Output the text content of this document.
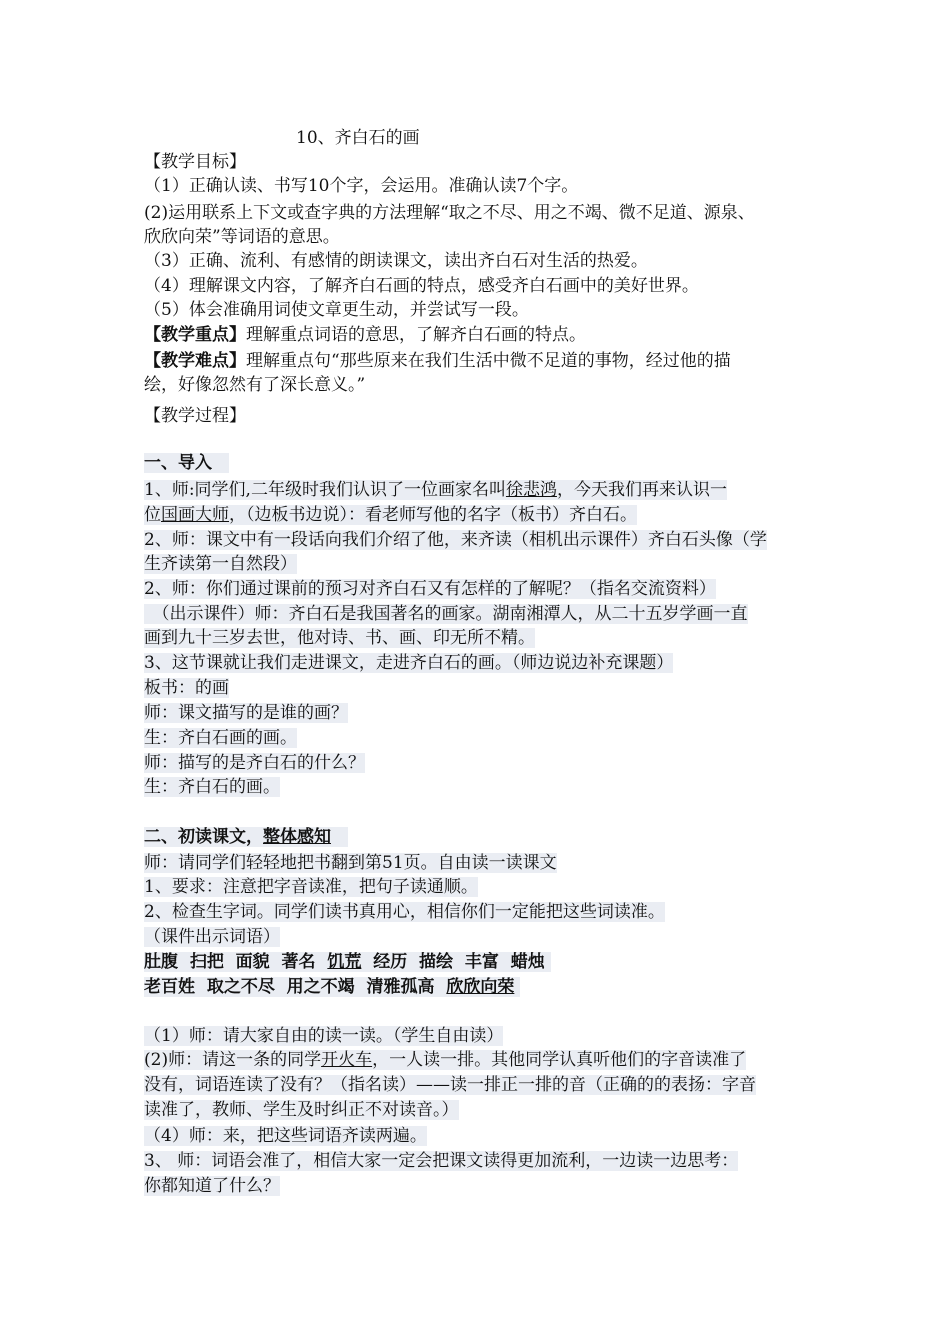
10、齐白石的画
【教学目标】
（1）正确认读、书写10个字，会运用。准确认读7个字。
(2)运用联系上下文或查字典的方法理解“取之不尽、用之不竭、微不足道、源泉、
欣欣向荣”等词语的意思。
（3）正确、流利、有感情的朗读课文，读出齐白石对生活的热爱。
（4）理解课文内容，了解齐白石画的特点，感受齐白石画中的美好世界。
（5）体会准确用词使文章更生动，并尝试写一段。
【教学重点】理解重点词语的意思，了解齐白石画的特点。
【教学难点】理解重点句“那些原来在我们生活中微不足道的事物，经过他的描
绘，好像忽然有了深长意义。”
【教学过程】
一、导入　
1、师:同学们,二年级时我们认识了一位画家名叫徐悲鸿，今天我们再来认识一
位国画大师，（边板书边说）：看老师写他的名字（板书）齐白石。
2、师：课文中有一段话向我们介绍了他，来齐读（相机出示课件）齐白石头像（学
生齐读第一自然段）
2、师：你们通过课前的预习对齐白石又有怎样的了解呢？（指名交流资料）
　（出示课件）师：齐白石是我国著名的画家。湖南湘潭人，从二十五岁学画一直
画到九十三岁去世，他对诗、书、画、印无所不精。
3、这节课就让我们走进课文，走进齐白石的画。（师边说边补充课题）
板书：的画
师：课文描写的是谁的画？
生：齐白石画的画。
师：描写的是齐白石的什么？
生：齐白石的画。
二、初读课文，整体感知　
师：请同学们轻轻地把书翻到第51页。自由读一读课文
1、要求：注意把字音读准，把句子读通顺。
2、检查生字词。同学们读书真用心，相信你们一定能把这些词读准。
（课件出示词语）
肚腹  扫把  面貌  著名  饥荒  经历  描绘  丰富  蜡烛
老百姓  取之不尽  用之不竭  清雅孤高  欣欣向荣
（1）师：请大家自由的读一读。（学生自由读）
(2)师：请这一条的同学开火车，一人读一排。其他同学认真听他们的字音读准了
没有，词语连读了没有？（指名读）——读一排正一排的音（正确的的表扬：字音
读准了，教师、学生及时纠正不对读音。）
（4）师：来，把这些词语齐读两遍。
3、 师：词语会准了，相信大家一定会把课文读得更加流利，一边读一边思考：
你都知道了什么？
